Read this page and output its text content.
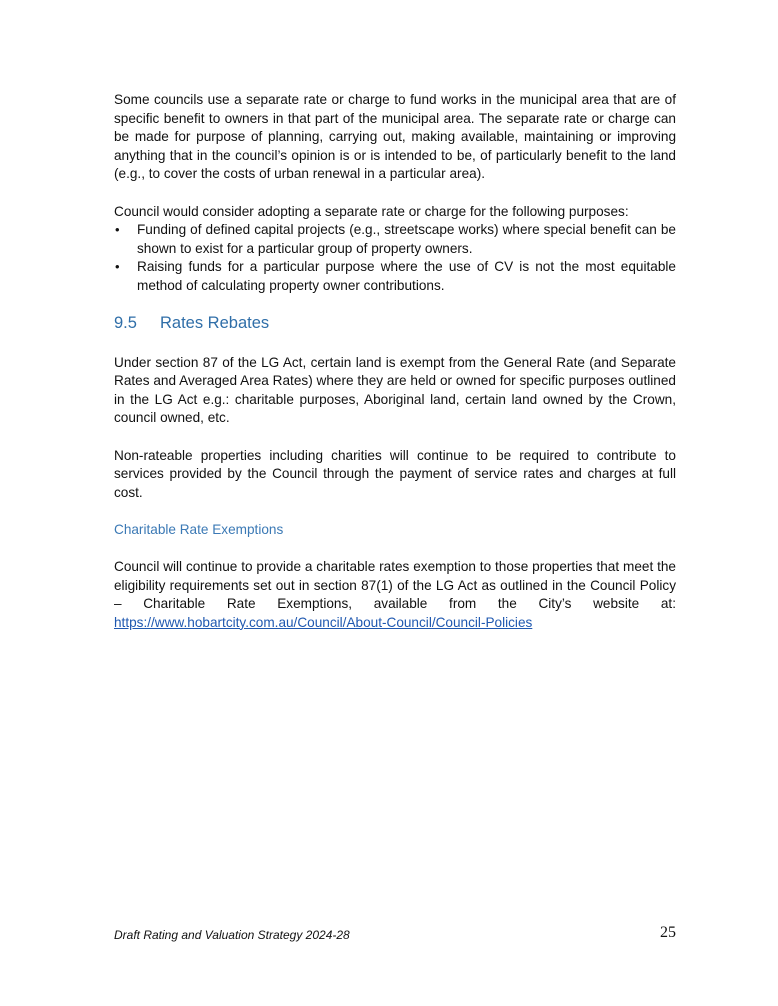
Some councils use a separate rate or charge to fund works in the municipal area that are of specific benefit to owners in that part of the municipal area. The separate rate or charge can be made for purpose of planning, carrying out, making available, maintaining or improving anything that in the council’s opinion is or is intended to be, of particularly benefit to the land (e.g., to cover the costs of urban renewal in a particular area).

Council would consider adopting a separate rate or charge for the following purposes:

• Funding of defined capital projects (e.g., streetscape works) where special benefit can be shown to exist for a particular group of property owners.
• Raising funds for a particular purpose where the use of CV is not the most equitable method of calculating property owner contributions.
9.5 Rates Rebates

Under section 87 of the LG Act, certain land is exempt from the General Rate (and Separate Rates and Averaged Area Rates) where they are held or owned for specific purposes outlined in the LG Act e.g.: charitable purposes, Aboriginal land, certain land owned by the Crown, council owned, etc.

Non-rateable properties including charities will continue to be required to contribute to services provided by the Council through the payment of service rates and charges at full cost.

Charitable Rate Exemptions

Council will continue to provide a charitable rates exemption to those properties that meet the eligibility requirements set out in section 87(1) of the LG Act as outlined in the Council Policy – Charitable Rate Exemptions, available from the City’s website at: https://www.hobartcity.com.au/Council/About-Council/Council-Policies

Draft Rating and Valuation Strategy 2024-28	25
